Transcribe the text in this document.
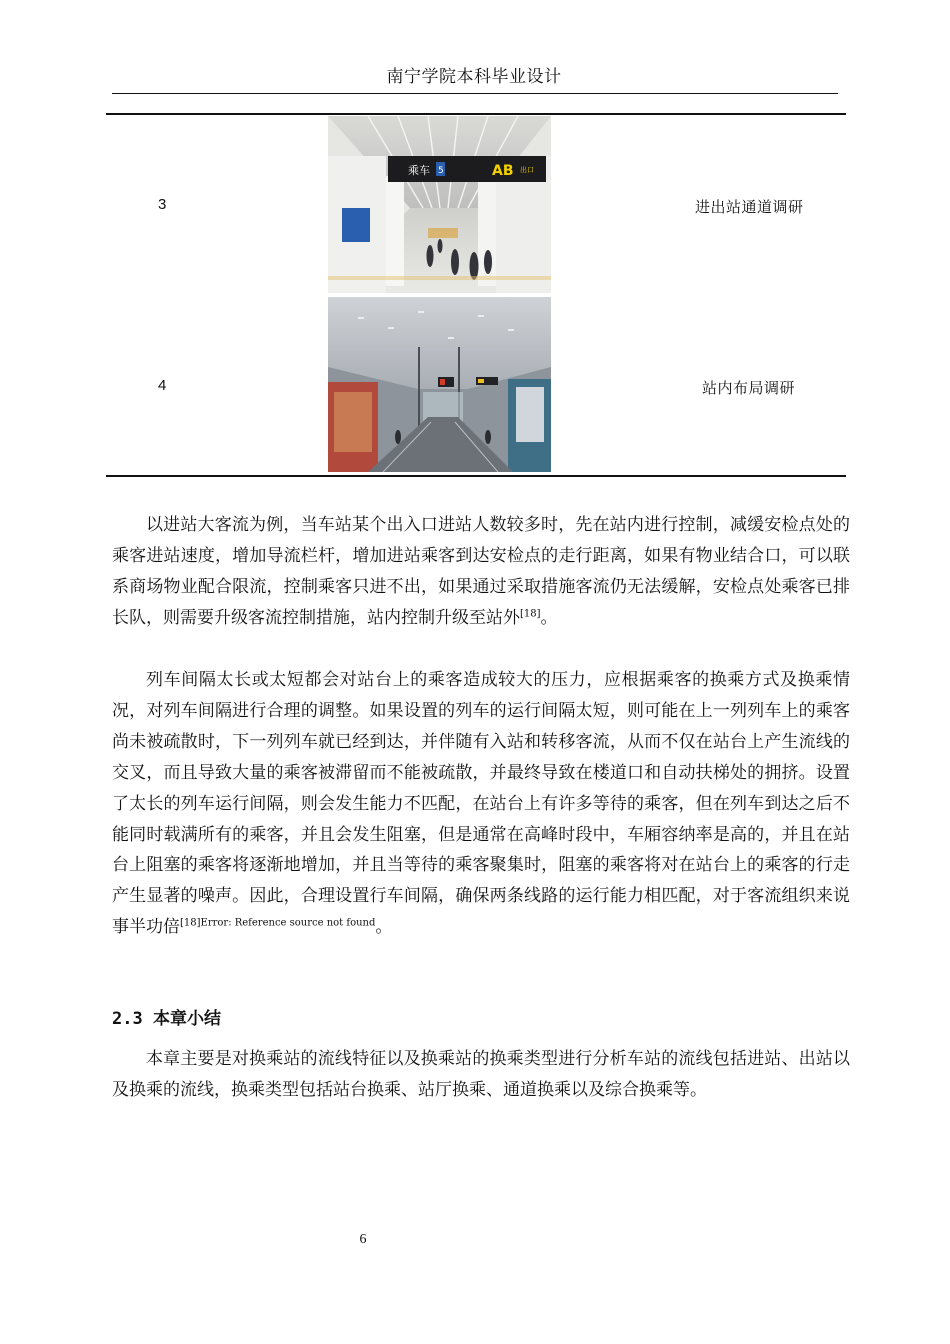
南宁学院本科毕业设计
3
乘车 5	AB 出口
进出站通道调研
4	站内布局调研

以进站大客流为例，当车站某个出入口进站人数较多时，先在站内进行控制，减缓安检点处的乘客进站速度，增加导流栏杆，增加进站乘客到达安检点的走行距离，如果有物业结合口，可以联系商场物业配合限流，控制乘客只进不出，如果通过采取措施客流仍无法缓解，安检点处乘客已排长队，则需要升级客流控制措施，站内控制升级至站外[18]。

列车间隔太长或太短都会对站台上的乘客造成较大的压力，应根据乘客的换乘方式及换乘情况，对列车间隔进行合理的调整。如果设置的列车的运行间隔太短，则可能在上一列列车上的乘客尚未被疏散时，下一列列车就已经到达，并伴随有入站和转移客流，从而不仅在站台上产生流线的交叉，而且导致大量的乘客被滞留而不能被疏散，并最终导致在楼道口和自动扶梯处的拥挤。设置了太长的列车运行间隔，则会发生能力不匹配，在站台上有许多等待的乘客，但在列车到达之后不能同时载满所有的乘客，并且会发生阻塞，但是通常在高峰时段中，车厢容纳率是高的，并且在站台上阻塞的乘客将逐渐地增加，并且当等待的乘客聚集时，阻塞的乘客将对在站台上的乘客的行走产生显著的噪声。因此，合理设置行车间隔，确保两条线路的运行能力相匹配，对于客流组织来说事半功倍$^{[18]Error: Reference source not found}$。

2.3 本章小结

本章主要是对换乘站的流线特征以及换乘站的换乘类型进行分析车站的流线包括进站、出站以及换乘的流线，换乘类型包括站台换乘、站厅换乘、通道换乘以及综合换乘等。

6
